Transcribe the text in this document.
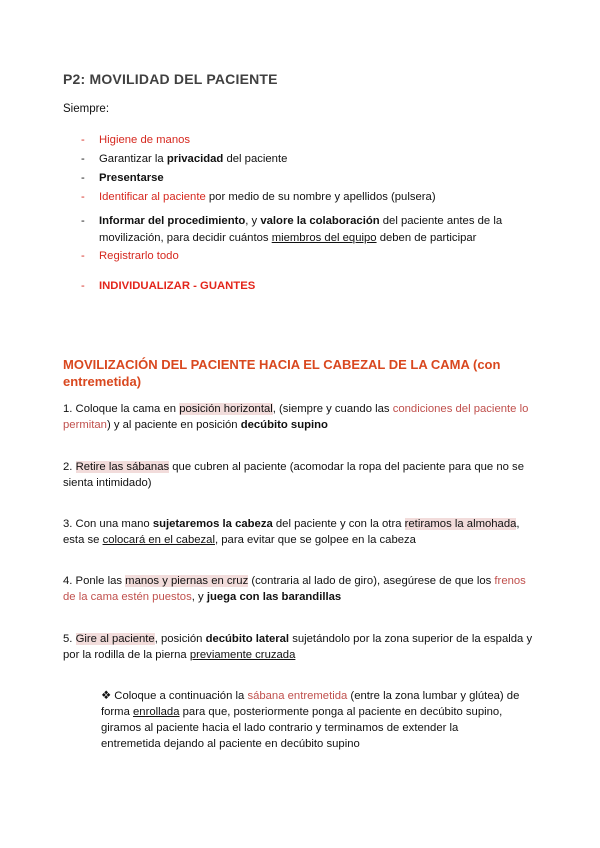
P2: MOVILIDAD DEL PACIENTE
Siempre:
- Higiene de manos
- Garantizar la privacidad del paciente
- Presentarse
- Identificar al paciente por medio de su nombre y apellidos (pulsera)
- Informar del procedimiento, y valore la colaboración del paciente antes de la movilización, para decidir cuántos miembros del equipo deben de participar
- Registrarlo todo
- INDIVIDUALIZAR - GUANTES
MOVILIZACIÓN DEL PACIENTE HACIA EL CABEZAL DE LA CAMA (con entremetida)
1. Coloque la cama en posición horizontal, (siempre y cuando las condiciones del paciente lo permitan) y al paciente en posición decúbito supino
2. Retire las sábanas que cubren al paciente (acomodar la ropa del paciente para que no se sienta intimidado)
3. Con una mano sujetaremos la cabeza del paciente y con la otra retiramos la almohada, esta se colocará en el cabezal, para evitar que se golpee en la cabeza
4. Ponle las manos y piernas en cruz (contraria al lado de giro), asegúrese de que los frenos de la cama estén puestos, y juega con las barandillas
5. Gire al paciente, posición decúbito lateral sujetándolo por la zona superior de la espalda y por la rodilla de la pierna previamente cruzada
❖ Coloque a continuación la sábana entremetida (entre la zona lumbar y glútea) de forma enrollada para que, posteriormente ponga al paciente en decúbito supino, giramos al paciente hacia el lado contrario y terminamos de extender la entremetida dejando al paciente en decúbito supino
